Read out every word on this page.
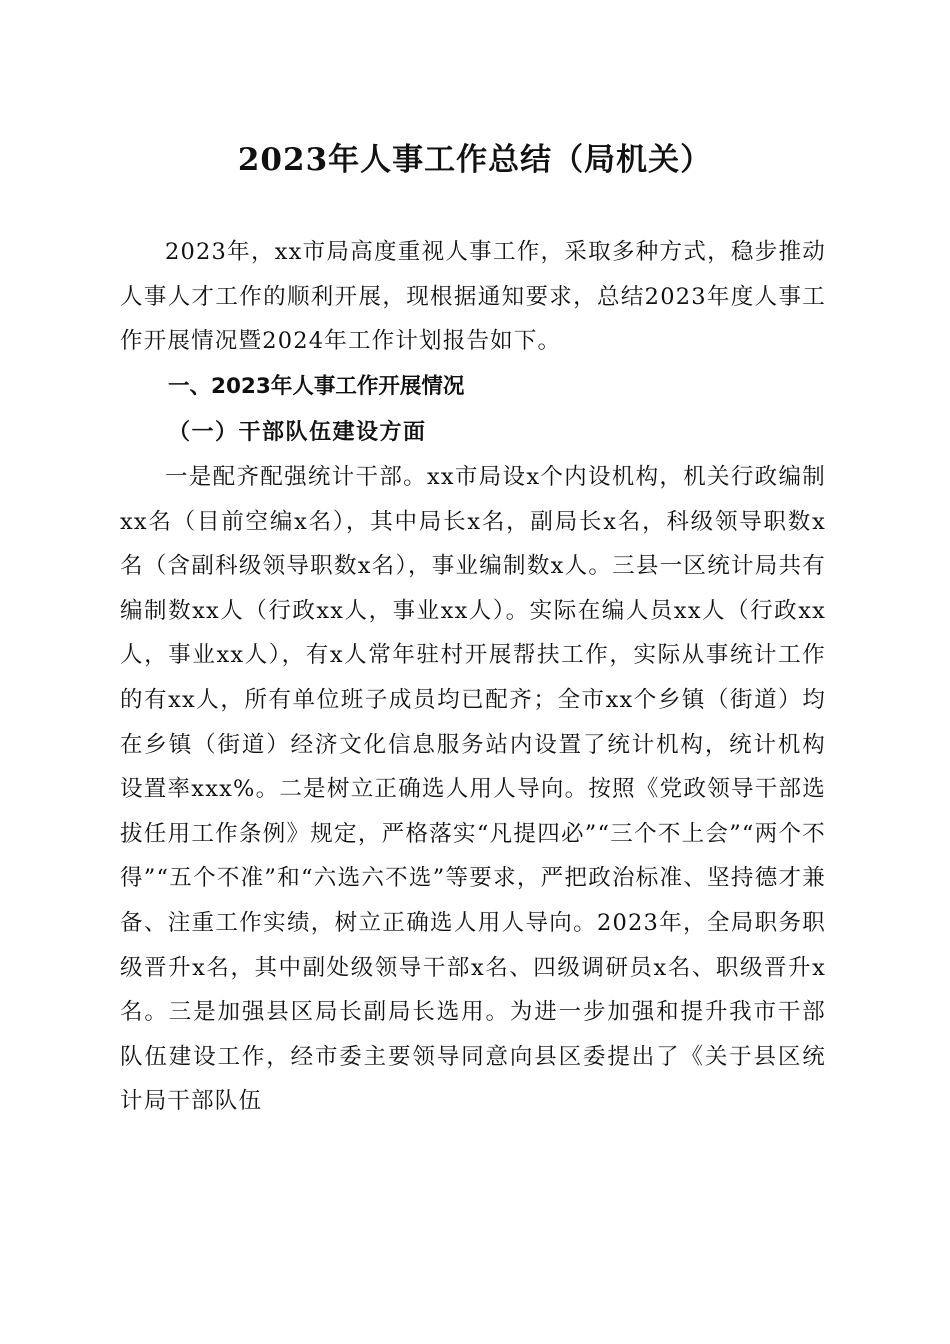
2023年人事工作总结（局机关）

2023年，xx市局高度重视人事工作，采取多种方式，稳步推动人事人才工作的顺利开展，现根据通知要求，总结2023年度人事工作开展情况暨2024年工作计划报告如下。

一、2023年人事工作开展情况
（一）干部队伍建设方面

一是配齐配强统计干部。xx市局设x个内设机构，机关行政编制xx名（目前空编x名），其中局长x名，副局长x名，科级领导职数x名（含副科级领导职数x名），事业编制数x人。三县一区统计局共有编制数xx人（行政xx人，事业xx人）。实际在编人员xx人（行政xx人，事业xx人），有x人常年驻村开展帮扶工作，实际从事统计工作的有xx人，所有单位班子成员均已配齐；全市xx个乡镇（街道）均在乡镇（街道）经济文化信息服务站内设置了统计机构，统计机构设置率xxx%。二是树立正确选人用人导向。按照《党政领导干部选拔任用工作条例》规定，严格落实“凡提四必”“三个不上会”“两个不得”“五个不准”和“六选六不选”等要求，严把政治标准、坚持德才兼备、注重工作实绩，树立正确选人用人导向。2023年，全局职务职级晋升x名，其中副处级领导干部x名、四级调研员x名、职级晋升x名。三是加强县区局长副局长选用。为进一步加强和提升我市干部队伍建设工作，经市委主要领导同意向县区委提出了《关于县区统计局干部队伍
